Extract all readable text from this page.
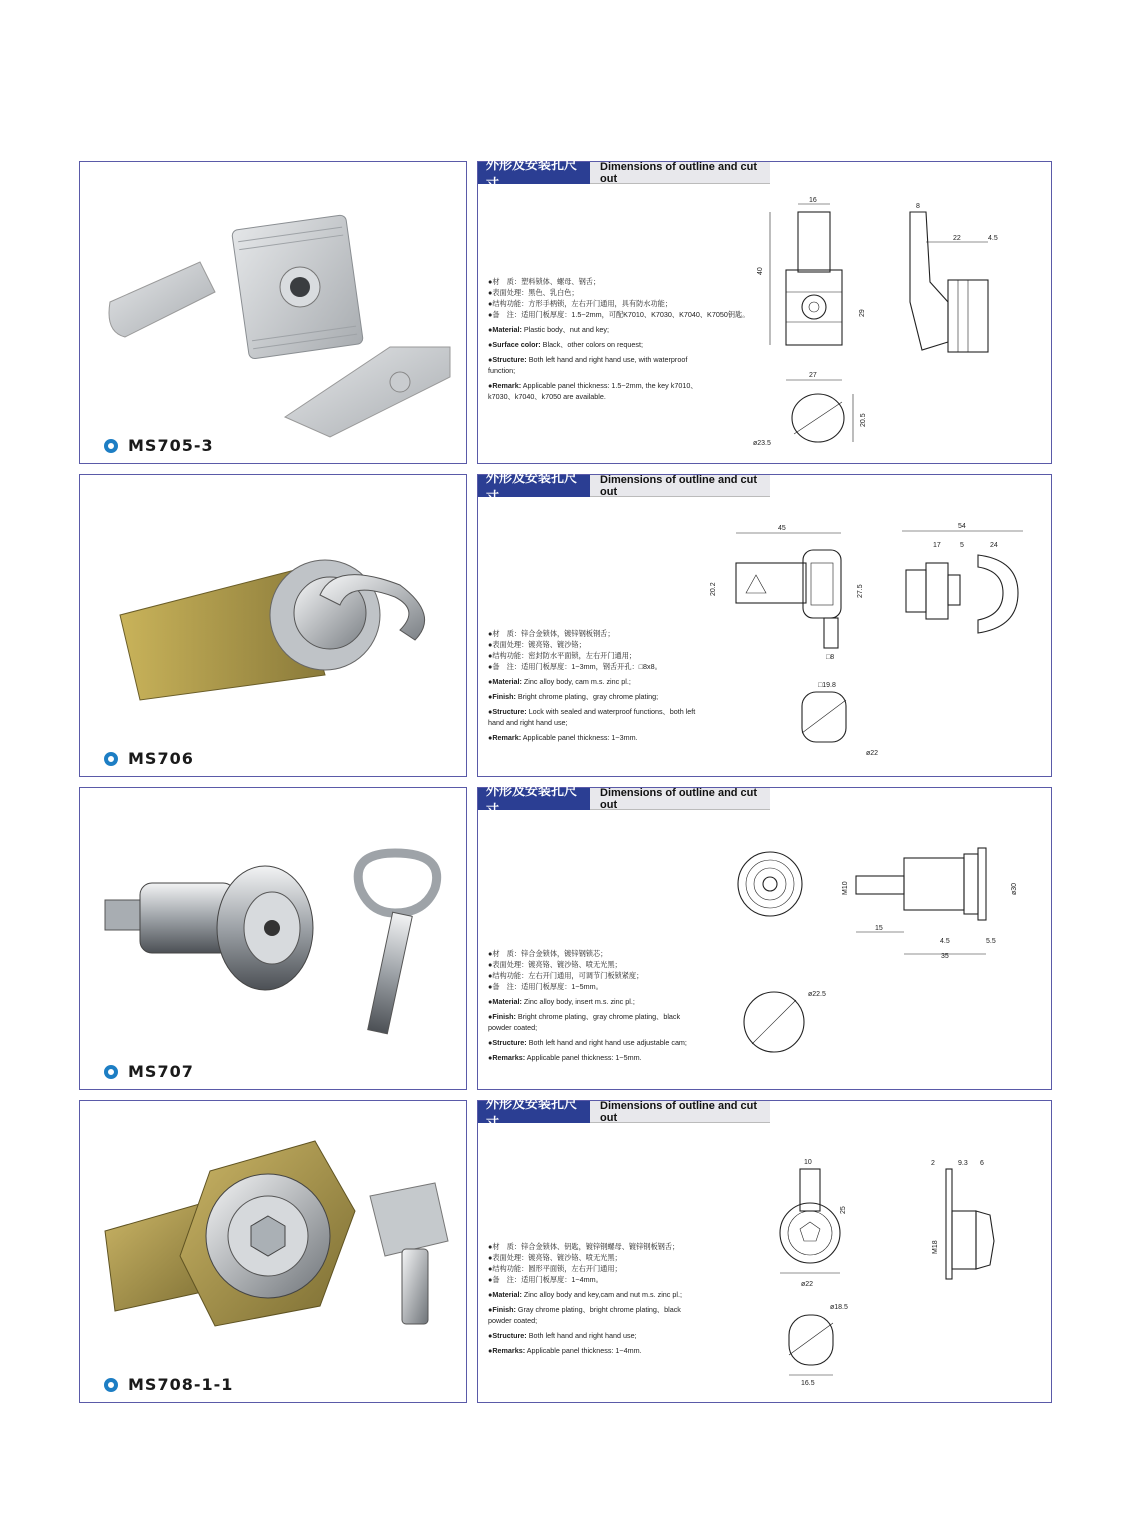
MS705-3
外形及安装孔尺寸
Dimensions of outline and cut out
●材　质：塑料锁体、螺母、钢舌；
●表面处理：黑色、乳白色；
●结构功能：方形手柄锁，左右开门通用，具有防水功能；
●备　注：适用门板厚度：1.5~2mm，可配K7010、K7030、K7040、K7050钥匙。
●Material: Plastic body、nut and key;
●Surface color: Black、other colors on request;
●Structure: Both left hand and right hand use, with waterproof function;
●Remark: Applicable panel thickness: 1.5~2mm, the key k7010、k7030、k7040、k7050 are available.
16
40
29
27
8
22	4.5
20.5
ø23.5
MS706
外形及安装孔尺寸
Dimensions of outline and cut out
●材　质：锌合金锁体，镀锌钢板钢舌；
●表面处理：镀亮铬、镀沙铬；
●结构功能：密封防水平面锁，左右开门通用；
●备　注：适用门板厚度：1~3mm，钢舌开孔：□8x8。
●Material: Zinc alloy body, cam m.s. zinc pl.;
●Finish: Bright chrome plating、gray chrome plating;
●Structure: Lock with sealed and waterproof functions、both left hand and right hand use;
●Remark: Applicable panel thickness: 1~3mm.
45
20.2	27.5
□8
54
17	5	24
□19.8
ø22
MS707
外形及安装孔尺寸
Dimensions of outline and cut out
●材　质：锌合金锁体，镀锌钢锁芯；
●表面处理：镀亮铬、镀沙铬、喷无光黑；
●结构功能：左右开门通用，可调节门板锁紧度；
●备　注：适用门板厚度：1~5mm。
●Material: Zinc alloy body, insert m.s. zinc pl.;
●Finish: Bright chrome plating、gray chrome plating、black powder coated;
●Structure: Both left hand and right hand use adjustable cam;
●Remarks: Applicable panel thickness: 1~5mm.
M10	ø30
15
4.5	5.5
35
ø22.5
MS708-1-1
外形及安装孔尺寸
Dimensions of outline and cut out
●材　质：锌合金锁体、钥匙，镀锌钢螺母、镀锌钢板钢舌；
●表面处理：镀亮铬、镀沙铬、喷无光黑；
●结构功能：圆形平面锁，左右开门通用；
●备　注：适用门板厚度：1~4mm。
●Material: Zinc alloy body and key,cam and nut m.s. zinc pl.;
●Finish: Gray chrome plating、bright chrome plating、black powder coated;
●Structure: Both left hand and right hand use;
●Remarks: Applicable panel thickness: 1~4mm.
10
25
ø22
2	9.3 6
M18
ø18.5
16.5
